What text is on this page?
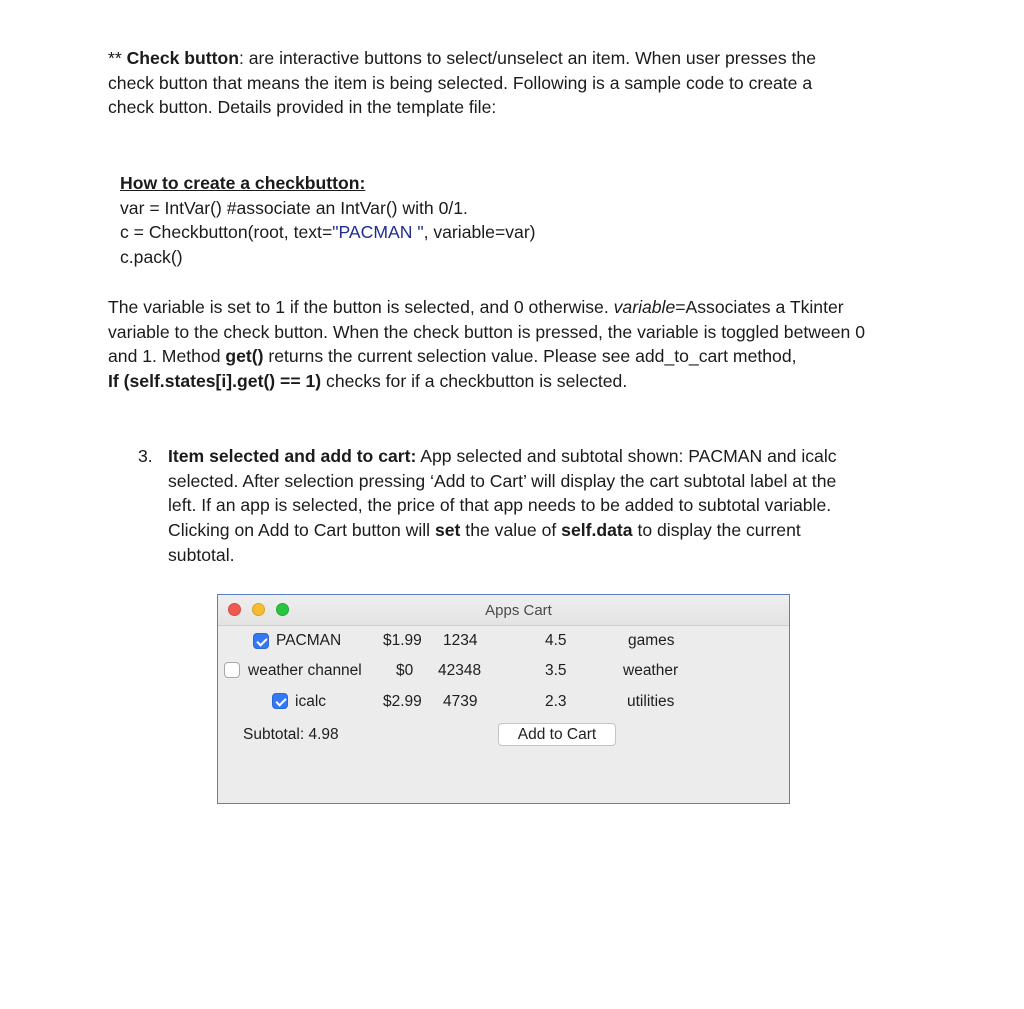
** Check button: are interactive buttons to select/unselect an item. When user presses the
check button that means the item is being selected. Following is a sample code to create a
check button. Details provided in the template file:
How to create a checkbutton:
var = IntVar() #associate an IntVar() with 0/1.
c = Checkbutton(root, text="PACMAN ", variable=var)
c.pack()
The variable is set to 1 if the button is selected, and 0 otherwise. variable=Associates a Tkinter
variable to the check button. When the check button is pressed, the variable is toggled between 0
and 1. Method get() returns the current selection value. Please see add_to_cart method,
If (self.states[i].get() == 1) checks for if a checkbutton is selected.
3. Item selected and add to cart: App selected and subtotal shown: PACMAN and icalc
selected. After selection pressing ‘Add to Cart’ will display the cart subtotal label at the
left. If an app is selected, the price of that app needs to be added to subtotal variable.
Clicking on Add to Cart button will set the value of self.data to display the current
subtotal.
Apps Cart
PACMAN	$1.99 1234	4.5	games
weather channel $0 42348	3.5	weather
icalc	$2.99 4739	2.3	utilities
Subtotal: 4.98	Add to Cart
